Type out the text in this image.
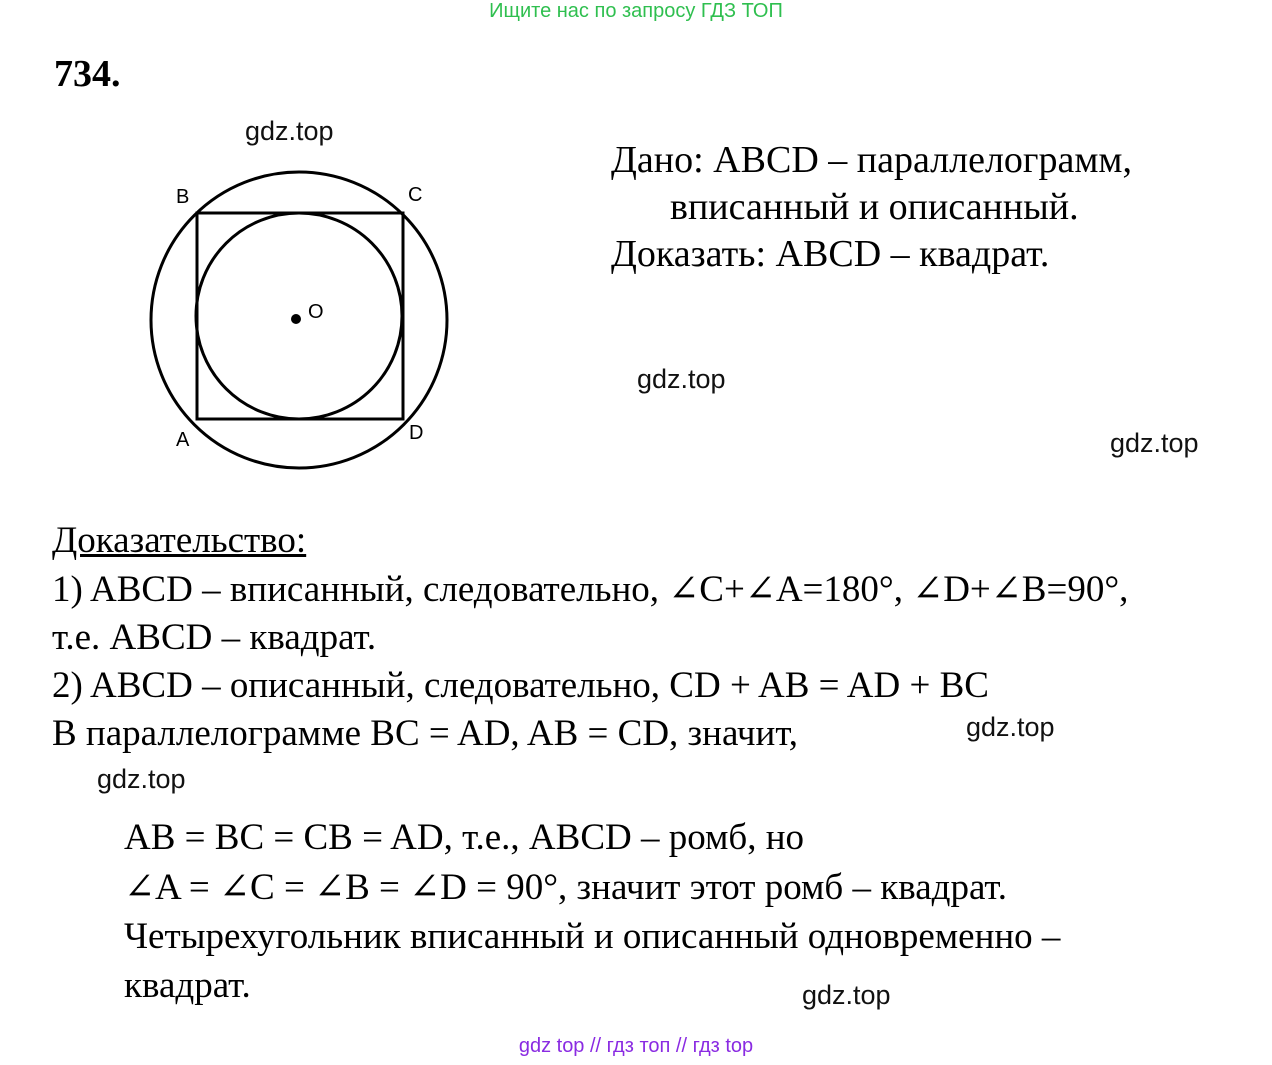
Ищите нас по запросу ГДЗ ТОП
734.
gdz.top
gdz.top
gdz.top
gdz.top
gdz.top
gdz.top
B	C
A	D
O
Дано: ABCD – параллелограмм,
вписанный и описанный.
Доказать: ABCD – квадрат.
Доказательство:
1) ABCD – вписанный, следовательно, ∠C+∠A=180°, ∠D+∠B=90°,
т.е. ABCD – квадрат.
2) ABCD – описанный, следовательно, CD + AB = AD + BC
В параллелограмме BC = AD, AB = CD, значит,
AB = BC = CB = AD, т.е., ABCD – ромб, но
∠A = ∠C = ∠B = ∠D = 90°, значит этот ромб – квадрат.
Четырехугольник вписанный и описанный одновременно –
квадрат.
gdz top // гдз топ // гдз top
